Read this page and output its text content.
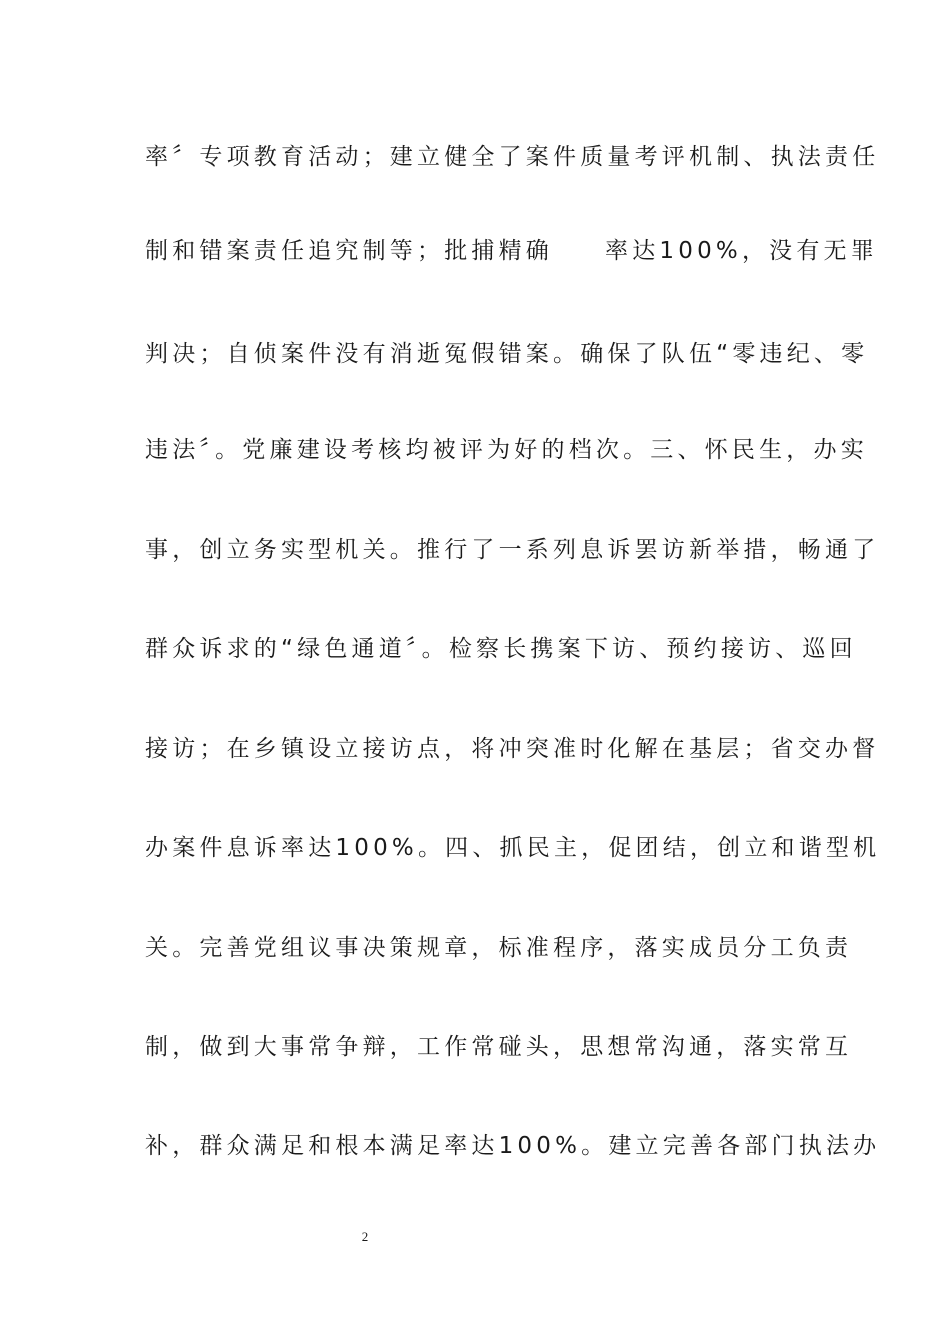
率〞专项教育活动；建立健全了案件质量考评机制、执法责任
制和错案责任追究制等；批捕精确 率达100%，没有无罪
判决；自侦案件没有消逝冤假错案。确保了队伍“零违纪、零
违法〞。党廉建设考核均被评为好的档次。三、怀民生，办实
事，创立务实型机关。推行了一系列息诉罢访新举措，畅通了
群众诉求的“绿色通道〞。检察长携案下访、预约接访、巡回
接访；在乡镇设立接访点，将冲突准时化解在基层；省交办督
办案件息诉率达100%。四、抓民主，促团结，创立和谐型机
关。完善党组议事决策规章，标准程序，落实成员分工负责
制，做到大事常争辩，工作常碰头，思想常沟通，落实常互
补，群众满足和根本满足率达100%。建立完善各部门执法办
2
